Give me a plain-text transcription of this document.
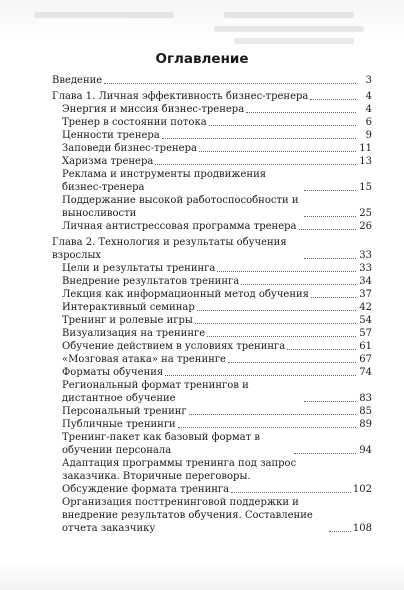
Оглавление
Введение	3
Глава 1. Личная эффективность бизнес-тренера	4
Энергия и миссия бизнес-тренера	4
Тренер в состоянии потока	6
Ценности тренера	9
Заповеди бизнес-тренера	11
Харизма тренера	13
Реклама и инструменты продвижения бизнес-тренера	15
Поддержание высокой работоспособности и выносливости	25
Личная антистрессовая программа тренера	26
Глава 2. Технология и результаты обучения взрослых	33
Цели и результаты тренинга	33
Внедрение результатов тренинга	34
Лекция как информационный метод обучения	37
Интерактивный семинар	42
Тренинг и ролевые игры	54
Визуализация на тренинге	57
Обучение действием в условиях тренинга	61
«Мозговая атака» на тренинге	67
Форматы обучения	74
Региональный формат тренингов и дистантное обучение	83
Персональный тренинг	85
Публичные тренинги	89
Тренинг-пакет как базовый формат в обучении персонала	94
Адаптация программы тренинга под запрос заказчика. Вторичные переговоры.
Обсуждение формата тренинга	102
Организация посттренинговой поддержки и внедрение результатов обучения. Составление отчета заказчику	108
